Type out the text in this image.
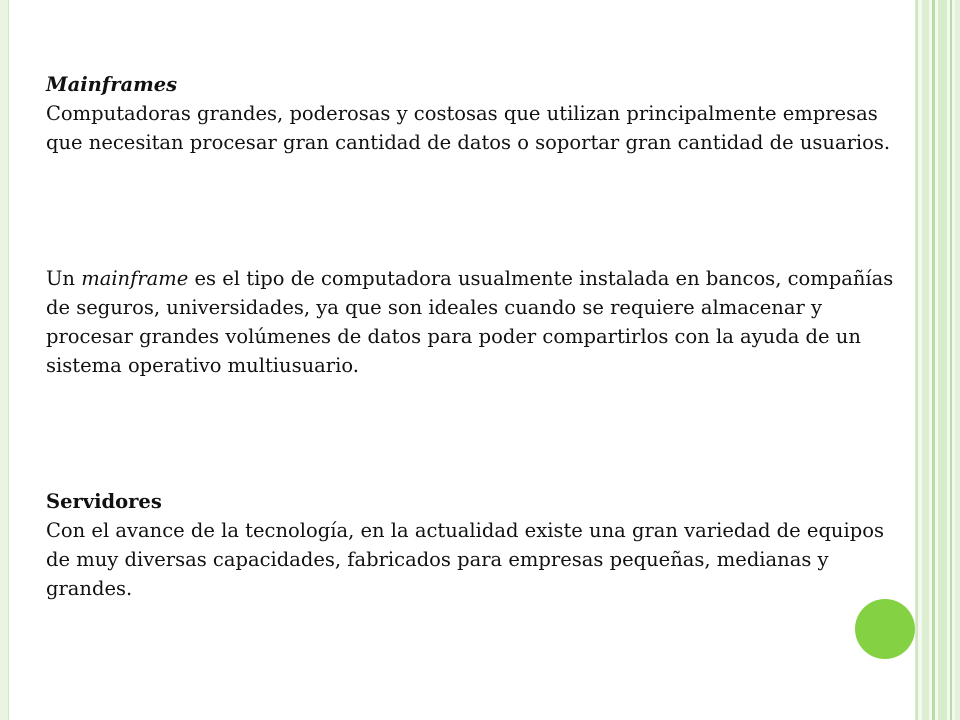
Mainframes
Computadoras grandes, poderosas y costosas que utilizan principalmente empresas que necesitan procesar gran cantidad de datos o soportar gran cantidad de usuarios.

Un mainframe es el tipo de computadora usualmente instalada en bancos, compañías de seguros, universidades, ya que son ideales cuando se requiere almacenar y procesar grandes volúmenes de datos para poder compartirlos con la ayuda de un sistema operativo multiusuario.

Servidores
Con el avance de la tecnología, en la actualidad existe una gran variedad de equipos de muy diversas capacidades, fabricados para empresas pequeñas, medianas y grandes.
